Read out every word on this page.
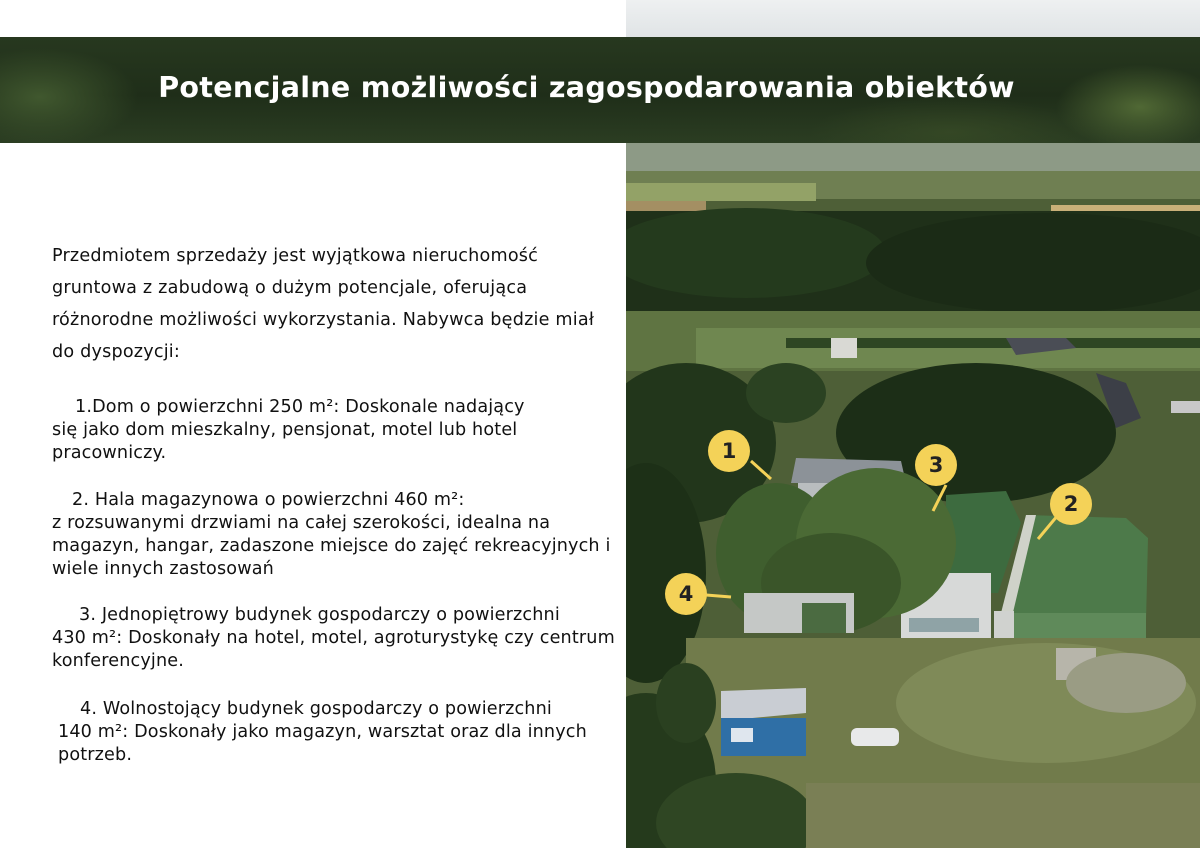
Potencjalne możliwości zagospodarowania obiektów
1
3
2
4

Przedmiotem sprzedaży jest wyjątkowa nieruchomość gruntowa z zabudową o dużym potencjale, oferująca różnorodne możliwości wykorzystania. Nabywca będzie miał do dyspozycji:

1.Dom o powierzchni 250 m²: Doskonale nadający
się jako dom mieszkalny, pensjonat, motel lub hotel pracowniczy.
2. Hala magazynowa o powierzchni 460 m²:
z rozsuwanymi drzwiami na całej szerokości, idealna na magazyn, hangar, zadaszone miejsce do zajęć rekreacyjnych i wiele innych zastosowań
3. Jednopiętrowy budynek gospodarczy o powierzchni
430 m²: Doskonały na hotel, motel, agroturystykę czy centrum konferencyjne.
4. Wolnostojący budynek gospodarczy o powierzchni
140 m²: Doskonały jako magazyn, warsztat oraz dla innych potrzeb.
